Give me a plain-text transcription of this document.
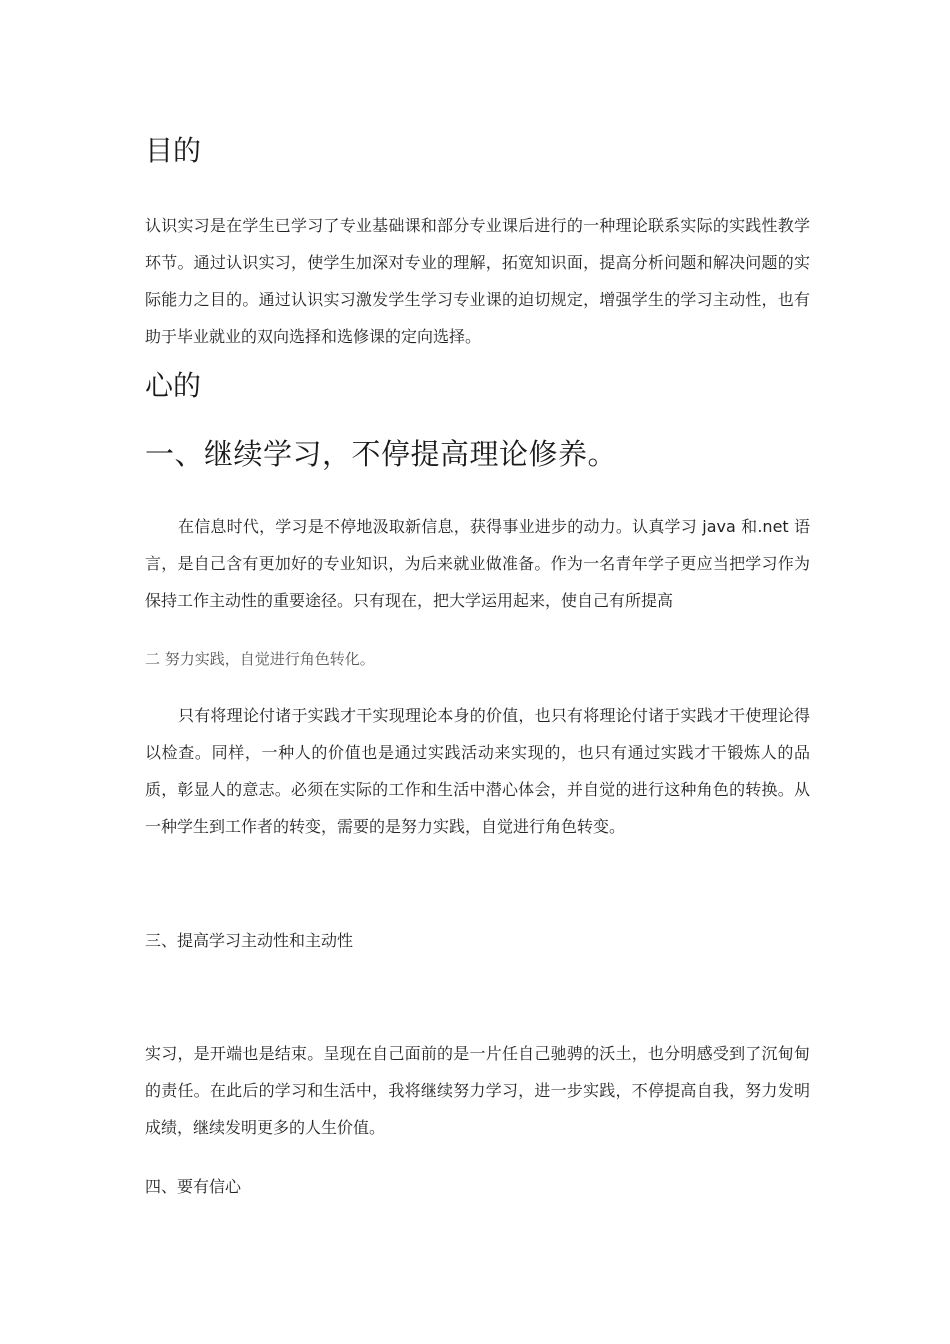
目的

认识实习是在学生已学习了专业基础课和部分专业课后进行的一种理论联系实际的实践性教学环节。通过认识实习，使学生加深对专业的理解，拓宽知识面，提高分析问题和解决问题的实际能力之目的。通过认识实习激发学生学习专业课的迫切规定，增强学生的学习主动性，也有助于毕业就业的双向选择和选修课的定向选择。

心的
一、继续学习，不停提高理论修养。

在信息时代，学习是不停地汲取新信息，获得事业进步的动力。认真学习 java 和.net 语言，是自己含有更加好的专业知识，为后来就业做准备。作为一名青年学子更应当把学习作为保持工作主动性的重要途径。只有现在，把大学运用起来，使自己有所提高

二 努力实践，自觉进行角色转化。

只有将理论付诸于实践才干实现理论本身的价值，也只有将理论付诸于实践才干使理论得以检查。同样，一种人的价值也是通过实践活动来实现的，也只有通过实践才干锻炼人的品质，彰显人的意志。必须在实际的工作和生活中潜心体会，并自觉的进行这种角色的转换。从一种学生到工作者的转变，需要的是努力实践，自觉进行角色转变。

三、提高学习主动性和主动性

实习，是开端也是结束。呈现在自己面前的是一片任自己驰骋的沃土，也分明感受到了沉甸甸的责任。在此后的学习和生活中，我将继续努力学习，进一步实践，不停提高自我，努力发明成绩，继续发明更多的人生价值。

四、要有信心
